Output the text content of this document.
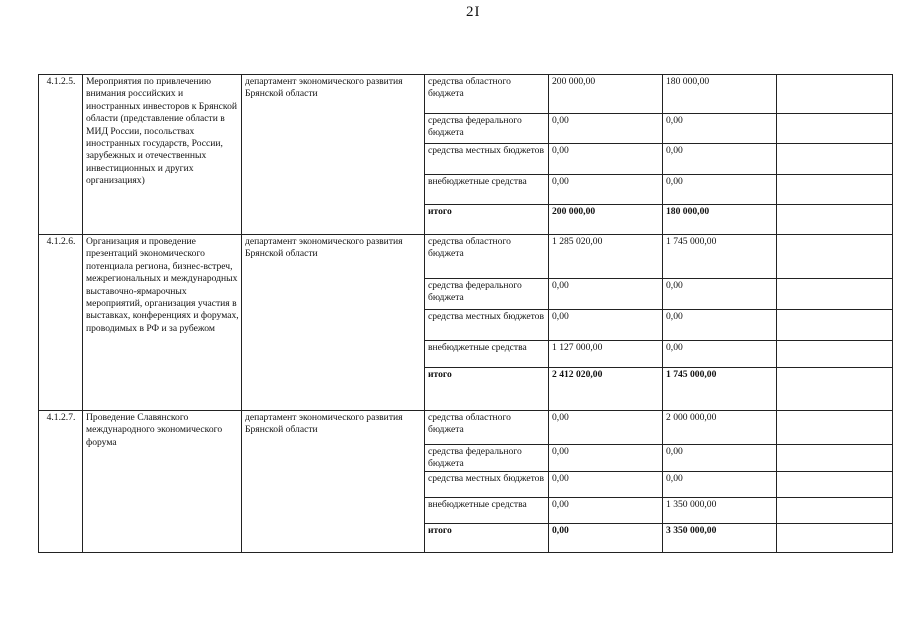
2I
4.1.2.5.	Мероприятия по привлечению внимания российских и иностранных инвесторов к Брянской области (представление области в МИД России, посольствах иностранных государств, России, зарубежных и отечественных инвестиционных и других организациях)	департамент экономического развития Брянской области	средства областного бюджета	200 000,00	180 000,00	
			средства федерального бюджета	0,00	0,00	
			средства местных бюджетов	0,00	0,00	
			внебюджетные средства	0,00	0,00	
			итого	200 000,00	180 000,00	
4.1.2.6.	Организация и проведение презентаций экономического потенциала региона, бизнес-встреч, межрегиональных и международных выставочно-ярмарочных мероприятий, организация участия в выставках, конференциях и форумах, проводимых в РФ и за рубежом	департамент экономического развития Брянской области	средства областного бюджета	1 285 020,00	1 745 000,00	
			средства федерального бюджета	0,00	0,00	
			средства местных бюджетов	0,00	0,00	
			внебюджетные средства	1 127 000,00	0,00	
			итого	2 412 020,00	1 745 000,00	
4.1.2.7.	Проведение Славянского международного экономического форума	департамент экономического развития Брянской области	средства областного бюджета	0,00	2 000 000,00	
			средства федерального бюджета	0,00	0,00	
			средства местных бюджетов	0,00	0,00	
			внебюджетные средства	0,00	1 350 000,00	
			итого	0,00	3 350 000,00	
